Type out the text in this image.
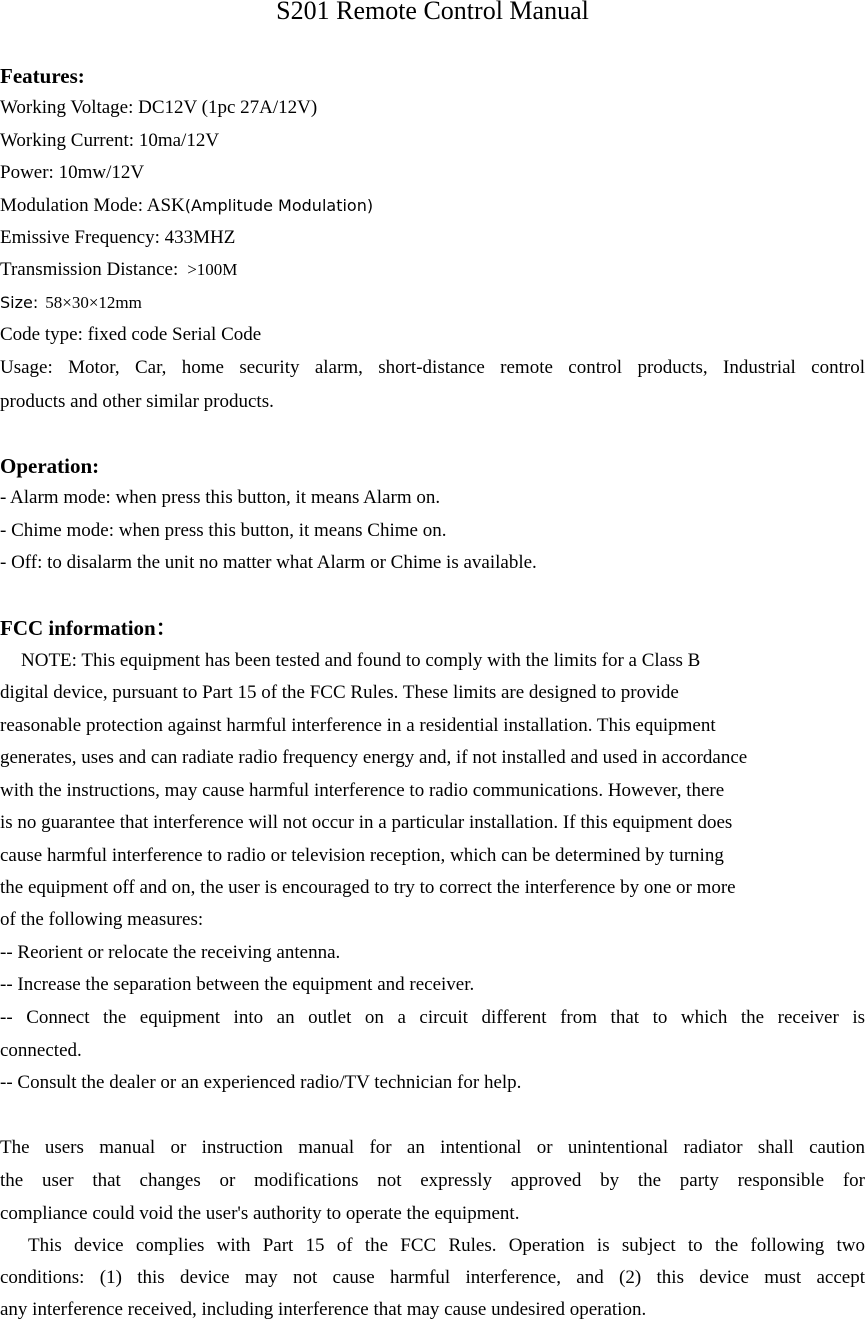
S201 Remote Control Manual
Features:
Working Voltage: DC12V (1pc 27A/12V)
Working Current: 10ma/12V
Power: 10mw/12V
Modulation Mode: ASK(Amplitude Modulation)
Emissive Frequency: 433MHZ
Transmission Distance: >100M
Size: 58×30×12mm
Code type: fixed code Serial Code
Usage: Motor, Car, home security alarm, short-distance remote control products, Industrial control
products and other similar products.
Operation:
- Alarm mode: when press this button, it means Alarm on.
- Chime mode: when press this button, it means Chime on.
- Off: to disalarm the unit no matter what Alarm or Chime is available.
FCC information：
NOTE: This equipment has been tested and found to comply with the limits for a Class B
digital device, pursuant to Part 15 of the FCC Rules. These limits are designed to provide
reasonable protection against harmful interference in a residential installation. This equipment
generates, uses and can radiate radio frequency energy and, if not installed and used in accordance
with the instructions, may cause harmful interference to radio communications. However, there
is no guarantee that interference will not occur in a particular installation. If this equipment does
cause harmful interference to radio or television reception, which can be determined by turning
the equipment off and on, the user is encouraged to try to correct the interference by one or more
of the following measures:
-- Reorient or relocate the receiving antenna.
-- Increase the separation between the equipment and receiver.
-- Connect the equipment into an outlet on a circuit different from that to which the receiver is
connected.
-- Consult the dealer or an experienced radio/TV technician for help.
The users manual or instruction manual for an intentional or unintentional radiator shall caution
the user that changes or modifications not expressly approved by the party responsible for
compliance could void the user's authority to operate the equipment.
This device complies with Part 15 of the FCC Rules. Operation is subject to the following two
conditions: (1) this device may not cause harmful interference, and (2) this device must accept
any interference received, including interference that may cause undesired operation.
